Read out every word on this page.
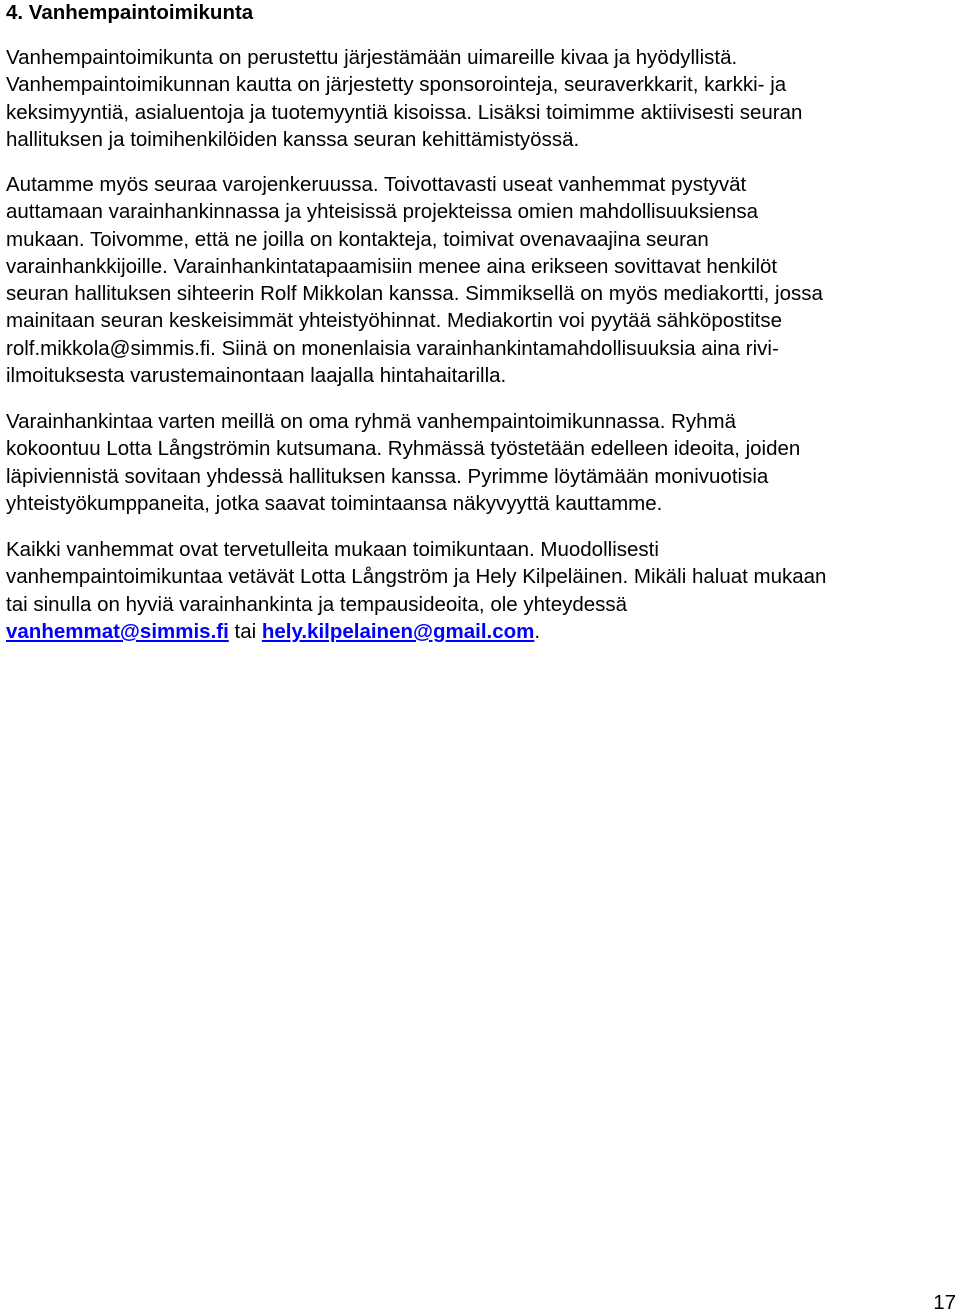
4. Vanhempaintoimikunta

Vanhempaintoimikunta on perustettu järjestämään uimareille kivaa ja hyödyllistä.
Vanhempaintoimikunnan kautta on järjestetty sponsorointeja, seuraverkkarit, karkki- ja
keksimyyntiä, asialuentoja ja tuotemyyntiä kisoissa. Lisäksi toimimme aktiivisesti seuran
hallituksen ja toimihenkilöiden kanssa seuran kehittämistyössä.

Autamme myös seuraa varojenkeruussa. Toivottavasti useat vanhemmat pystyvät
auttamaan varainhankinnassa ja yhteisissä projekteissa omien mahdollisuuksiensa
mukaan. Toivomme, että ne joilla on kontakteja, toimivat ovenavaajina seuran
varainhankkijoille. Varainhankintatapaamisiin menee aina erikseen sovittavat henkilöt
seuran hallituksen sihteerin Rolf Mikkolan kanssa. Simmiksellä on myös mediakortti, jossa
mainitaan seuran keskeisimmät yhteistyöhinnat. Mediakortin voi pyytää sähköpostitse
rolf.mikkola@simmis.fi. Siinä on monenlaisia varainhankintamahdollisuuksia aina rivi-
ilmoituksesta varustemainontaan laajalla hintahaitarilla.

Varainhankintaa varten meillä on oma ryhmä vanhempaintoimikunnassa. Ryhmä
kokoontuu Lotta Långströmin kutsumana. Ryhmässä työstetään edelleen ideoita, joiden
läpiviennistä sovitaan yhdessä hallituksen kanssa. Pyrimme löytämään monivuotisia
yhteistyökumppaneita, jotka saavat toimintaansa näkyvyyttä kauttamme.

Kaikki vanhemmat ovat tervetulleita mukaan toimikuntaan. Muodollisesti
vanhempaintoimikuntaa vetävät Lotta Långström ja Hely Kilpeläinen. Mikäli haluat mukaan
tai sinulla on hyviä varainhankinta ja tempausideoita, ole yhteydessä
vanhemmat@simmis.fi tai hely.kilpelainen@gmail.com.

17
